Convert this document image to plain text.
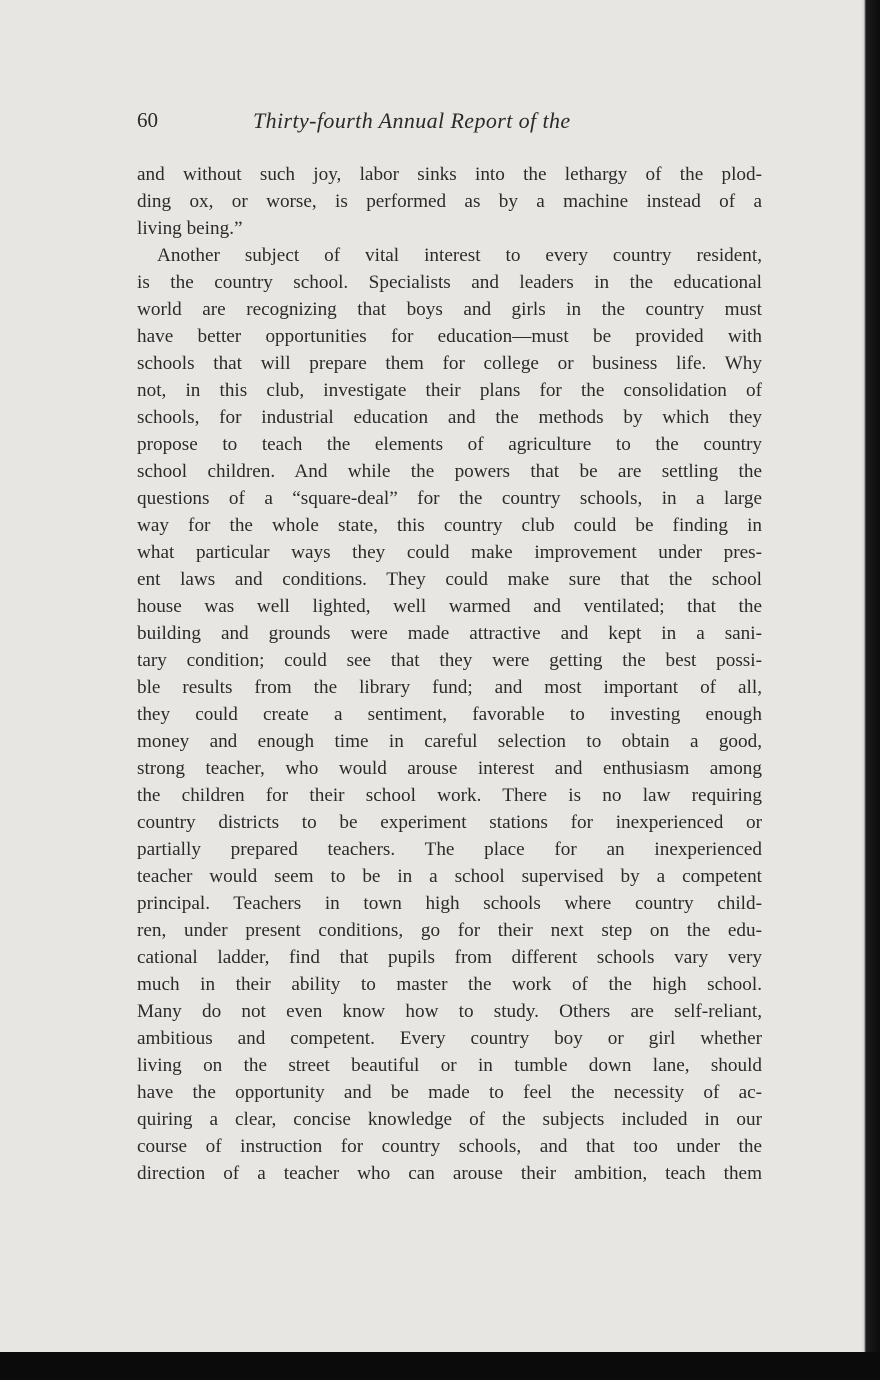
60	Thirty-fourth Annual Report of the
and without such joy, labor sinks into the lethargy of the plod-
ding ox, or worse, is performed as by a machine instead of a
living being.”
Another subject of vital interest to every country resident,
is the country school. Specialists and leaders in the educational
world are recognizing that boys and girls in the country must
have better opportunities for education—must be provided with
schools that will prepare them for college or business life. Why
not, in this club, investigate their plans for the consolidation of
schools, for industrial education and the methods by which they
propose to teach the elements of agriculture to the country
school children. And while the powers that be are settling the
questions of a “square-deal” for the country schools, in a large
way for the whole state, this country club could be finding in
what particular ways they could make improvement under pres-
ent laws and conditions. They could make sure that the school
house was well lighted, well warmed and ventilated; that the
building and grounds were made attractive and kept in a sani-
tary condition; could see that they were getting the best possi-
ble results from the library fund; and most important of all,
they could create a sentiment, favorable to investing enough
money and enough time in careful selection to obtain a good,
strong teacher, who would arouse interest and enthusiasm among
the children for their school work. There is no law requiring
country districts to be experiment stations for inexperienced or
partially prepared teachers. The place for an inexperienced
teacher would seem to be in a school supervised by a competent
principal. Teachers in town high schools where country child-
ren, under present conditions, go for their next step on the edu-
cational ladder, find that pupils from different schools vary very
much in their ability to master the work of the high school.
Many do not even know how to study. Others are self-reliant,
ambitious and competent. Every country boy or girl whether
living on the street beautiful or in tumble down lane, should
have the opportunity and be made to feel the necessity of ac-
quiring a clear, concise knowledge of the subjects included in our
course of instruction for country schools, and that too under the
direction of a teacher who can arouse their ambition, teach them
